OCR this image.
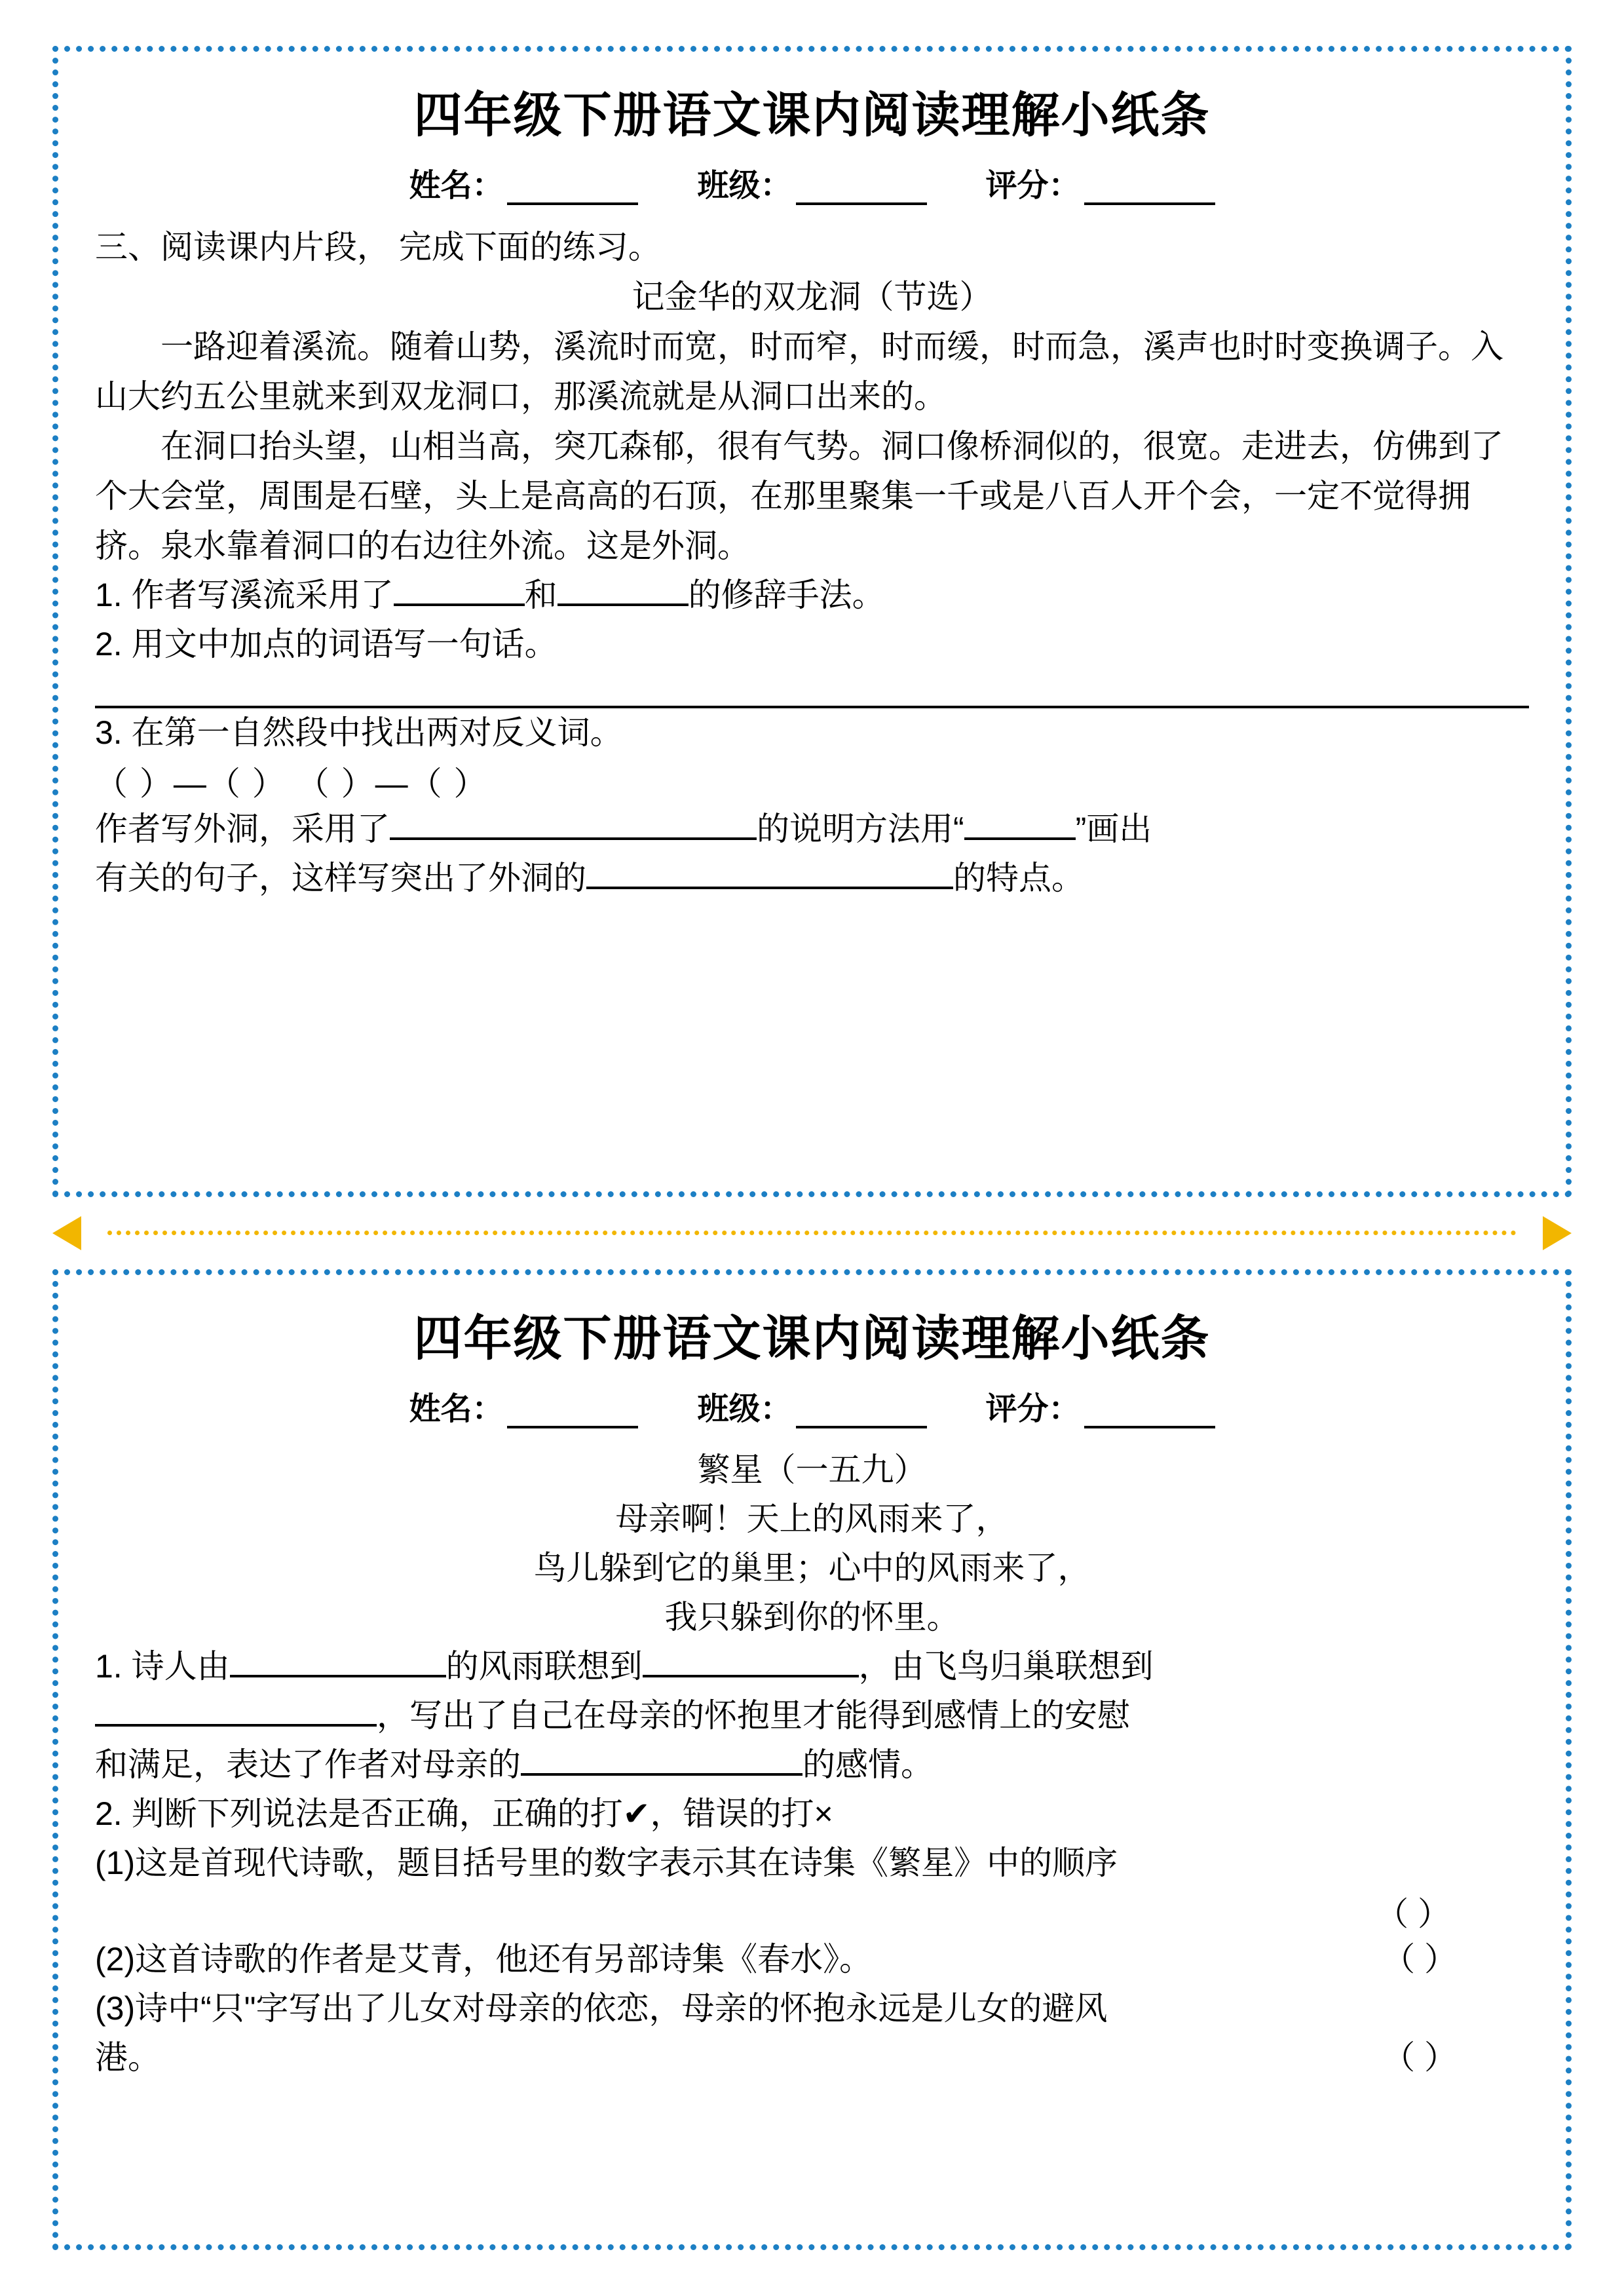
四年级下册语文课内阅读理解小纸条
姓名：	班级：	评分：
三、阅读课内片段， 完成下面的练习。
记金华的双龙洞（节选）
一路迎着溪流。随着山势，溪流时而宽，时而窄，时而缓，时而急，溪声也时时变换调子。入山大约五公里就来到双龙洞口，那溪流就是从洞口出来的。
在洞口抬头望，山相当高，突兀森郁，很有气势。洞口像桥洞似的，很宽。走进去，仿佛到了个大会堂，周围是石壁，头上是高高的石顶，在那里聚集一千或是八百人开个会，一定不觉得拥挤。泉水靠着洞口的右边往外流。这是外洞。
1. 作者写溪流采用了	和	的修辞手法。
2. 用文中加点的词语写一句话。
3. 在第一自然段中找出两对反义词。
（ ）—（ ） （ ）—（ ）
作者写外洞，采用了	的说明方法用“	”画出
有关的句子，这样写突出了外洞的	的特点。
四年级下册语文课内阅读理解小纸条
姓名：	班级：	评分：
繁星（一五九）
母亲啊！天上的风雨来了，
鸟儿躲到它的巢里；心中的风雨来了，
我只躲到你的怀里。
1. 诗人由	的风雨联想到	，由飞鸟归巢联想到
，写出了自己在母亲的怀抱里才能得到感情上的安慰
和满足，表达了作者对母亲的	的感情。
2. 判断下列说法是否正确，正确的打✔，错误的打×
(1)这是首现代诗歌，题目括号里的数字表示其在诗集《繁星》中的顺序
（ ）
(2)这首诗歌的作者是艾青，他还有另部诗集《春水》。	（ ）
(3)诗中“只"字写出了儿女对母亲的依恋，母亲的怀抱永远是儿女的避风
港。	（ ）
